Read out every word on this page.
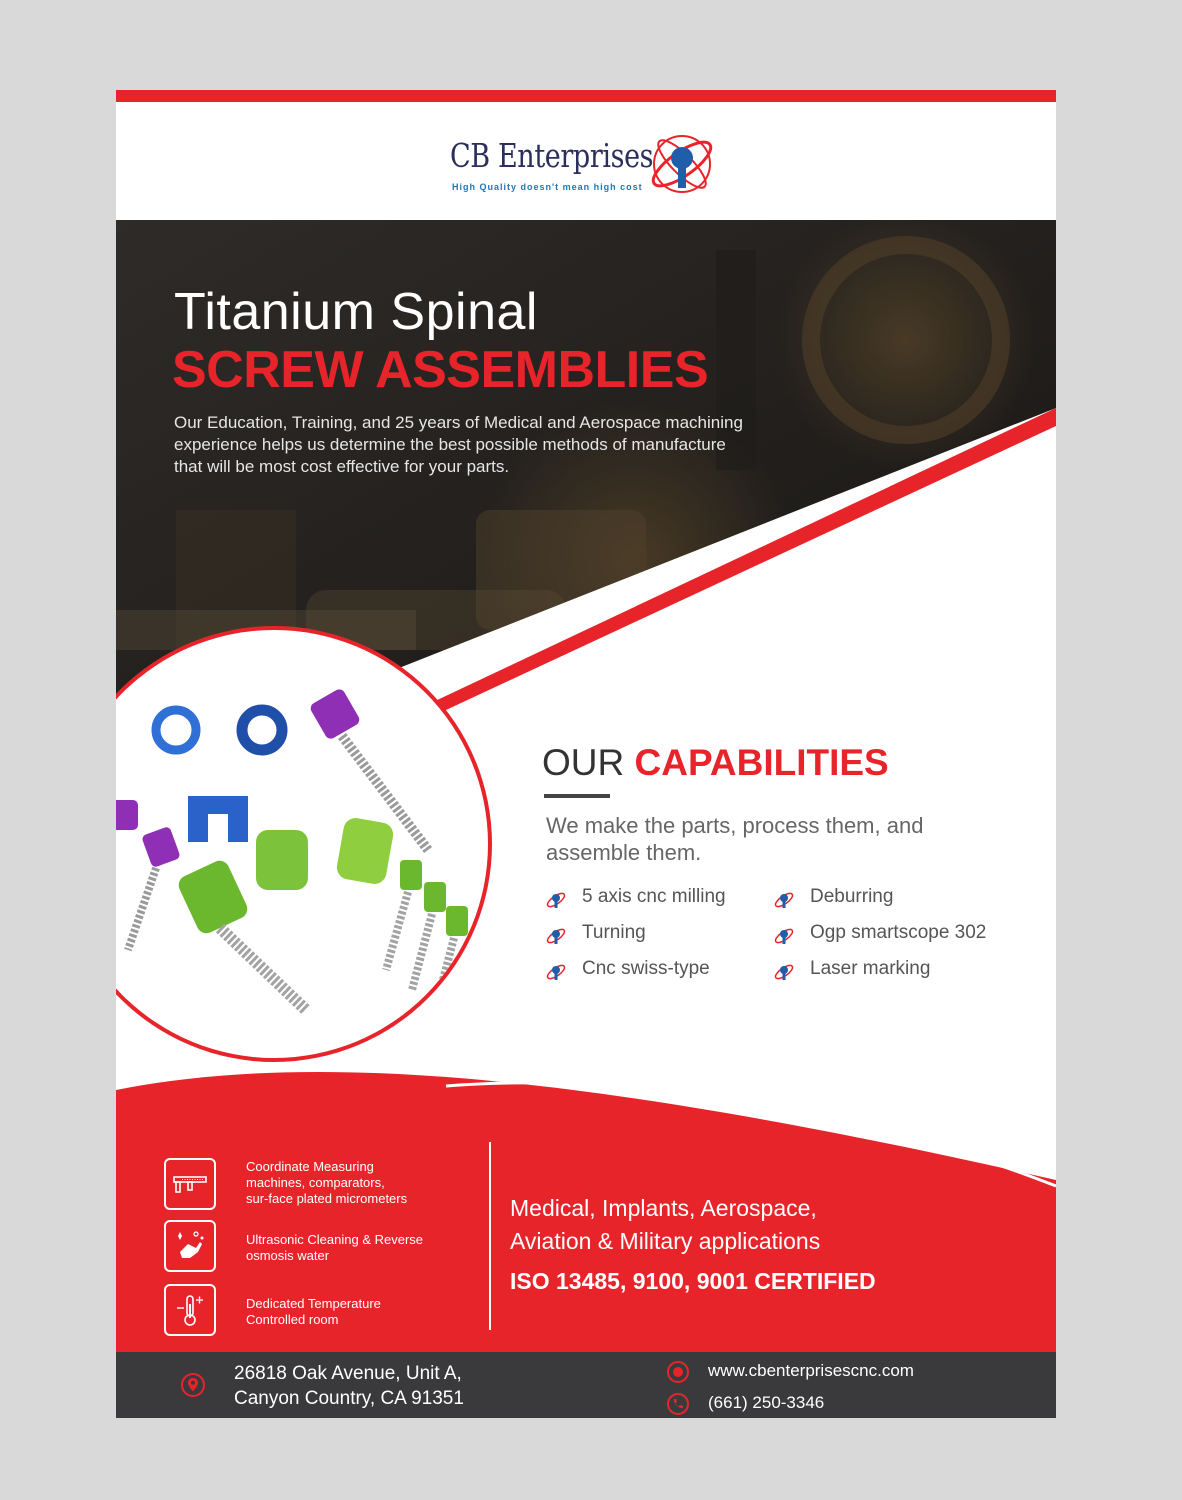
CB Enterprises
High Quality doesn't mean high cost
Titanium Spinal
SCREW ASSEMBLIES
Our Education, Training, and 25 years of Medical and Aerospace machining
experience helps us determine the best possible methods of manufacture
that will be most cost effective for your parts.
OUR CAPABILITIES
We make the parts, process them, and assemble them.
5 axis cnc milling
Turning
Cnc swiss-type
Deburring
Ogp smartscope 302
Laser marking
Coordinate Measuring
machines, comparators,
sur-face plated micrometers
Ultrasonic Cleaning & Reverse
osmosis water
Dedicated Temperature
Controlled room
Medical, Implants, Aerospace,
Aviation & Military applications
ISO 13485, 9100, 9001 CERTIFIED
26818 Oak Avenue, Unit A,
Canyon Country, CA 91351
www.cbenterprisescnc.com
(661) 250-3346
